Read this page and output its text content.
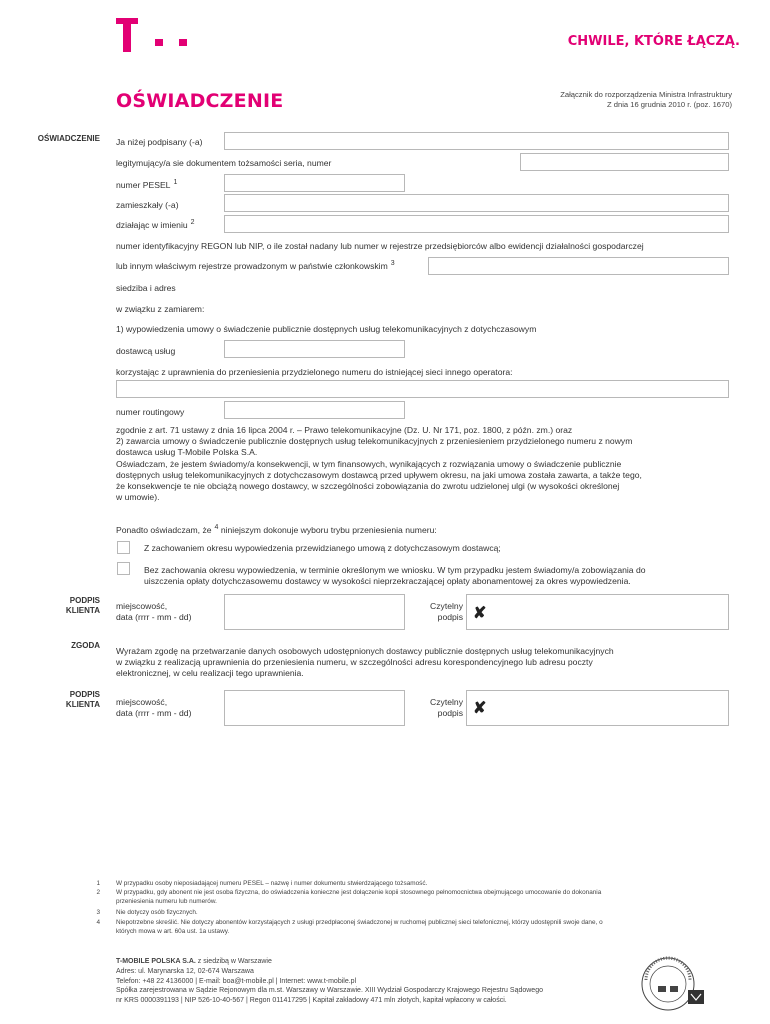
CHWILE, KTÓRE ŁĄCZĄ.
OŚWIADCZENIE	Załącznik do rozporządzenia Ministra Infrastruktury
Z dnia 16 grudnia 2010 r. (poz. 1670)
OŚWIADCZENIE
PODPIS
KLIENTA
ZGODA
PODPIS
KLIENTA
Ja niżej podpisany (-a)
legitymujący/a sie dokumentem tożsamości seria, numer
numer PESEL $^1$
zamieszkały (-a)
działając w imieniu $^2$
numer identyfikacyjny REGON lub NIP, o ile został nadany lub numer w rejestrze przedsiębiorców albo ewidencji działalności gospodarczej
lub innym właściwym rejestrze prowadzonym w państwie członkowskim $^3$
siedziba i adres
w związku z zamiarem:
1) wypowiedzenia umowy o świadczenie publicznie dostępnych usług telekomunikacyjnych z dotychczasowym
dostawcą usług
korzystając z uprawnienia do przeniesienia przydzielonego numeru do istniejącej sieci innego operatora:
numer routingowy
zgodnie z art. 71 ustawy z dnia 16 lipca 2004 r. – Prawo telekomunikacyjne (Dz. U. Nr 171, poz. 1800, z późn. zm.) oraz
2) zawarcia umowy o świadczenie publicznie dostępnych usług telekomunikacyjnych z przeniesieniem przydzielonego numeru z nowym
dostawca usług T-Mobile Polska S.A.
Oświadczam, że jestem świadomy/a konsekwencji, w tym finansowych, wynikających z rozwiązania umowy o świadczenie publicznie
dostępnych usług telekomunikacyjnych z dotychczasowym dostawcą przed upływem okresu, na jaki umowa została zawarta, a także tego,
że konsekwencje te nie obciążą nowego dostawcy, w szczególności zobowiązania do zwrotu udzielonej ulgi (w wysokości określonej
w umowie).
Ponadto oświadczam, że $^4$ niniejszym dokonuje wyboru trybu przeniesienia numeru:
Z zachowaniem okresu wypowiedzenia przewidzianego umową z dotychczasowym dostawcą;
Bez zachowania okresu wypowiedzenia, w terminie określonym we wniosku. W tym przypadku jestem świadomy/a zobowiązania do
uiszczenia opłaty dotychczasowemu dostawcy w wysokości nieprzekraczającej opłaty abonamentowej za okres wypowiedzenia.
miejscowość,
data (rrrr - mm - dd)
Czytelny
podpis ✘
Wyrażam zgodę na przetwarzanie danych osobowych udostępnionych dostawcy publicznie dostępnych usług telekomunikacyjnych
w związku z realizacją uprawnienia do przeniesienia numeru, w szczególności adresu korespondencyjnego lub adresu poczty
elektronicznej, w celu realizacji tego uprawnienia.
miejscowość,
data (rrrr - mm - dd)
Czytelny
podpis ✘
1	W przypadku osoby nieposiadającej numeru PESEL – nazwę i numer dokumentu stwierdzającego tożsamość.
2	W przypadku, gdy abonent nie jest osoba fizyczna, do oświadczenia konieczne jest dołączenie kopii stosownego pełnomocnictwa obejmującego umocowanie do dokonania
przeniesienia numeru lub numerów.
3	Nie dotyczy osób fizycznych.
4	Niepotrzebne skreślić. Nie dotyczy abonentów korzystających z usługi przedpłaconej świadczonej w ruchomej publicznej sieci telefonicznej, którzy udostępnili swoje dane, o
których mowa w art. 60a ust. 1a ustawy.
T-MOBILE POLSKA S.A. z siedzibą w Warszawie
Adres: ul. Marynarska 12, 02-674 Warszawa
Telefon: +48 22 4136000 | E-mail: boa@t-mobile.pl | Internet: www.t-mobile.pl
Spółka zarejestrowana w Sądzie Rejonowym dla m.st. Warszawy w Warszawie. XIII Wydział Gospodarczy Krajowego Rejestru Sądowego
nr KRS 0000391193 | NIP 526-10-40-567 | Regon 011417295 | Kapitał zakładowy 471 mln złotych, kapitał wpłacony w całości.
